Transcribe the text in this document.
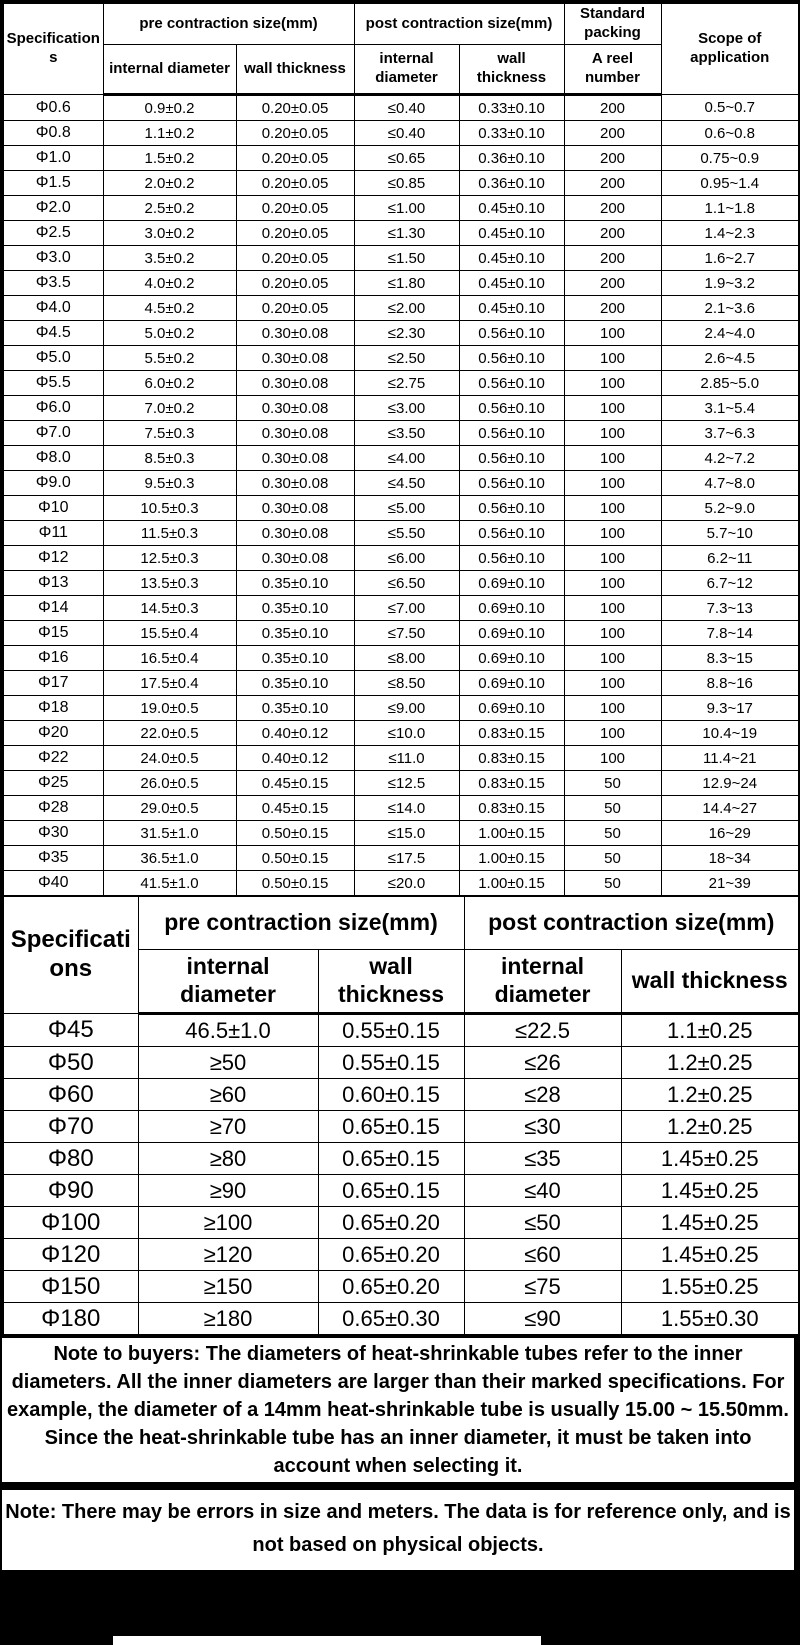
Specifications	pre contraction size(mm)		post contraction size(mm)		Standard packing	Scope of application
	internal diameter	wall thickness	internal diameter	wall thickness	A reel number	
Φ0.6	0.9±0.2	0.20±0.05	≤0.40	0.33±0.10	200	0.5~0.7
Φ0.8	1.1±0.2	0.20±0.05	≤0.40	0.33±0.10	200	0.6~0.8
Φ1.0	1.5±0.2	0.20±0.05	≤0.65	0.36±0.10	200	0.75~0.9
Φ1.5	2.0±0.2	0.20±0.05	≤0.85	0.36±0.10	200	0.95~1.4
Φ2.0	2.5±0.2	0.20±0.05	≤1.00	0.45±0.10	200	1.1~1.8
Φ2.5	3.0±0.2	0.20±0.05	≤1.30	0.45±0.10	200	1.4~2.3
Φ3.0	3.5±0.2	0.20±0.05	≤1.50	0.45±0.10	200	1.6~2.7
Φ3.5	4.0±0.2	0.20±0.05	≤1.80	0.45±0.10	200	1.9~3.2
Φ4.0	4.5±0.2	0.20±0.05	≤2.00	0.45±0.10	200	2.1~3.6
Φ4.5	5.0±0.2	0.30±0.08	≤2.30	0.56±0.10	100	2.4~4.0
Φ5.0	5.5±0.2	0.30±0.08	≤2.50	0.56±0.10	100	2.6~4.5
Φ5.5	6.0±0.2	0.30±0.08	≤2.75	0.56±0.10	100	2.85~5.0
Φ6.0	7.0±0.2	0.30±0.08	≤3.00	0.56±0.10	100	3.1~5.4
Φ7.0	7.5±0.3	0.30±0.08	≤3.50	0.56±0.10	100	3.7~6.3
Φ8.0	8.5±0.3	0.30±0.08	≤4.00	0.56±0.10	100	4.2~7.2
Φ9.0	9.5±0.3	0.30±0.08	≤4.50	0.56±0.10	100	4.7~8.0
Φ10	10.5±0.3	0.30±0.08	≤5.00	0.56±0.10	100	5.2~9.0
Φ11	11.5±0.3	0.30±0.08	≤5.50	0.56±0.10	100	5.7~10
Φ12	12.5±0.3	0.30±0.08	≤6.00	0.56±0.10	100	6.2~11
Φ13	13.5±0.3	0.35±0.10	≤6.50	0.69±0.10	100	6.7~12
Φ14	14.5±0.3	0.35±0.10	≤7.00	0.69±0.10	100	7.3~13
Φ15	15.5±0.4	0.35±0.10	≤7.50	0.69±0.10	100	7.8~14
Φ16	16.5±0.4	0.35±0.10	≤8.00	0.69±0.10	100	8.3~15
Φ17	17.5±0.4	0.35±0.10	≤8.50	0.69±0.10	100	8.8~16
Φ18	19.0±0.5	0.35±0.10	≤9.00	0.69±0.10	100	9.3~17
Φ20	22.0±0.5	0.40±0.12	≤10.0	0.83±0.15	100	10.4~19
Φ22	24.0±0.5	0.40±0.12	≤11.0	0.83±0.15	100	11.4~21
Φ25	26.0±0.5	0.45±0.15	≤12.5	0.83±0.15	50	12.9~24
Φ28	29.0±0.5	0.45±0.15	≤14.0	0.83±0.15	50	14.4~27
Φ30	31.5±1.0	0.50±0.15	≤15.0	1.00±0.15	50	16~29
Φ35	36.5±1.0	0.50±0.15	≤17.5	1.00±0.15	50	18~34
Φ40	41.5±1.0	0.50±0.15	≤20.0	1.00±0.15	50	21~39
Specifications	pre contraction size(mm)		post contraction size(mm)	
	internal diameter	wall thickness	internal diameter	wall thickness
Φ45	46.5±1.0	0.55±0.15	≤22.5	1.1±0.25
Φ50	≥50	0.55±0.15	≤26	1.2±0.25
Φ60	≥60	0.60±0.15	≤28	1.2±0.25
Φ70	≥70	0.65±0.15	≤30	1.2±0.25
Φ80	≥80	0.65±0.15	≤35	1.45±0.25
Φ90	≥90	0.65±0.15	≤40	1.45±0.25
Φ100	≥100	0.65±0.20	≤50	1.45±0.25
Φ120	≥120	0.65±0.20	≤60	1.45±0.25
Φ150	≥150	0.65±0.20	≤75	1.55±0.25
Φ180	≥180	0.65±0.30	≤90	1.55±0.30
Note to buyers: The diameters of heat-shrinkable tubes refer to the inner diameters. All the inner diameters are larger than their marked specifications. For example, the diameter of a 14mm heat-shrinkable tube is usually 15.00 ~ 15.50mm. Since the heat-shrinkable tube has an inner diameter, it must be taken into account when selecting it.
Note: There may be errors in size and meters. The data is for reference only, and is not based on physical objects.
